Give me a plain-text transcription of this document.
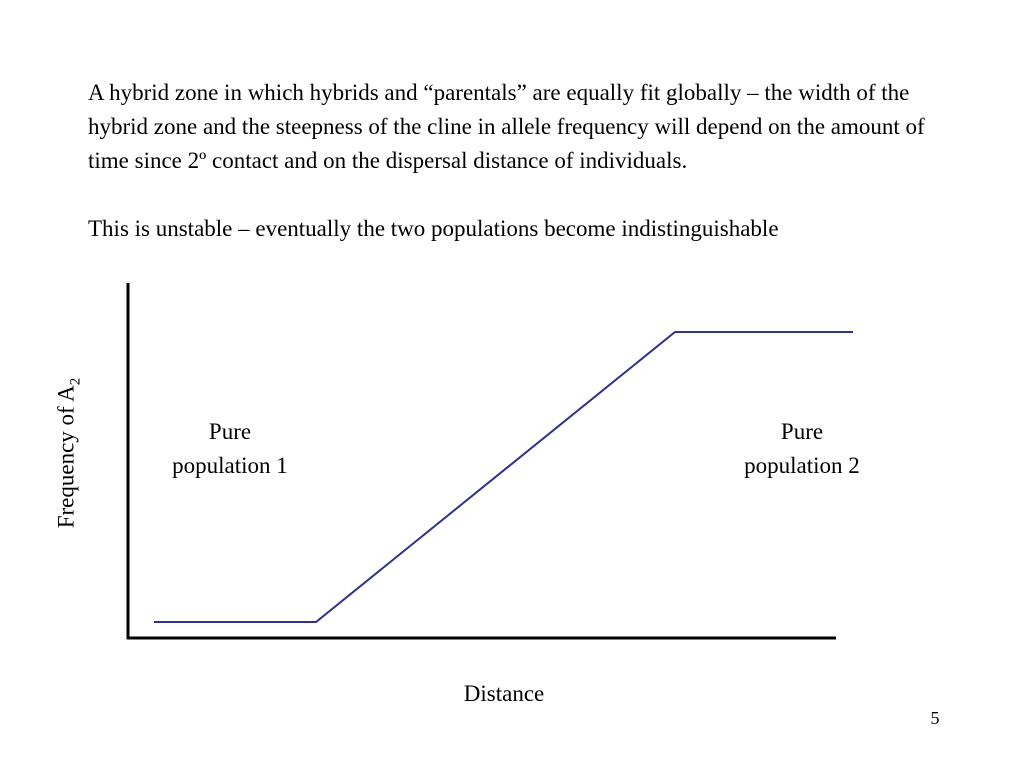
A hybrid zone in which hybrids and “parentals” are equally fit globally – the width of the hybrid zone and the steepness of the cline in allele frequency will depend on the amount of time since 2º contact and on the dispersal distance of individuals.

This is unstable – eventually the two populations become indistinguishable

Pure
population 1
Pure
population 2
Frequency of $A_2$
Distance
5
